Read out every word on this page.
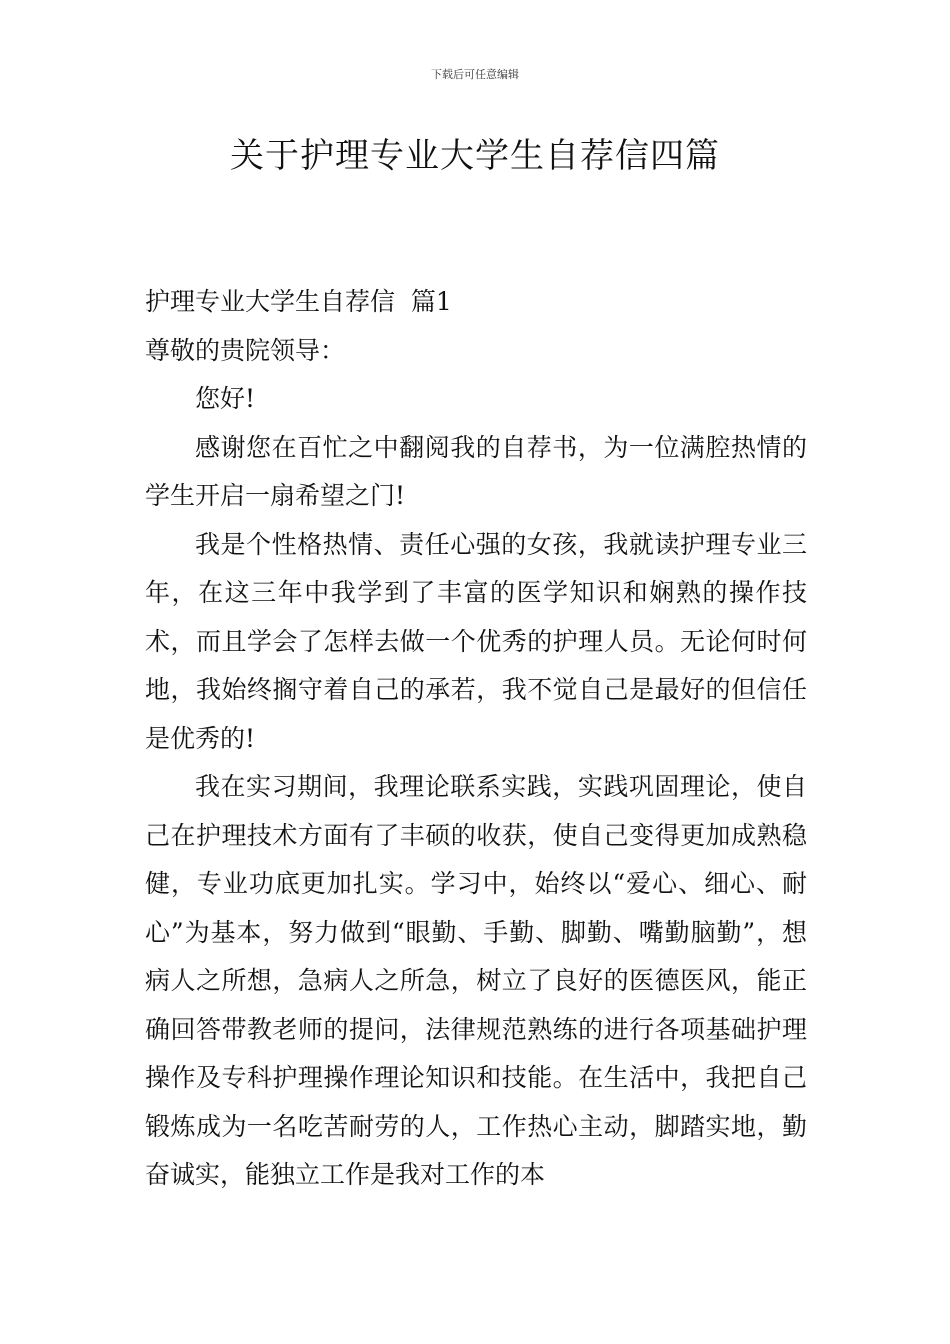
下载后可任意编辑
关于护理专业大学生自荐信四篇

护理专业大学生自荐信  篇1

尊敬的贵院领导：

您好!

感谢您在百忙之中翻阅我的自荐书，为一位满腔热情的学生开启一扇希望之门!

我是个性格热情、责任心强的女孩，我就读护理专业三年，在这三年中我学到了丰富的医学知识和娴熟的操作技术，而且学会了怎样去做一个优秀的护理人员。无论何时何地，我始终搁守着自己的承若，我不觉自己是最好的但信任是优秀的!

我在实习期间，我理论联系实践，实践巩固理论，使自己在护理技术方面有了丰硕的收获，使自己变得更加成熟稳健，专业功底更加扎实。学习中，始终以“爱心、细心、耐心”为基本，努力做到“眼勤、手勤、脚勤、嘴勤脑勤”，想病人之所想，急病人之所急，树立了良好的医德医风，能正确回答带教老师的提问，法律规范熟练的进行各项基础护理操作及专科护理操作理论知识和技能。在生活中，我把自己锻炼成为一名吃苦耐劳的人，工作热心主动，脚踏实地，勤奋诚实，能独立工作是我对工作的本
